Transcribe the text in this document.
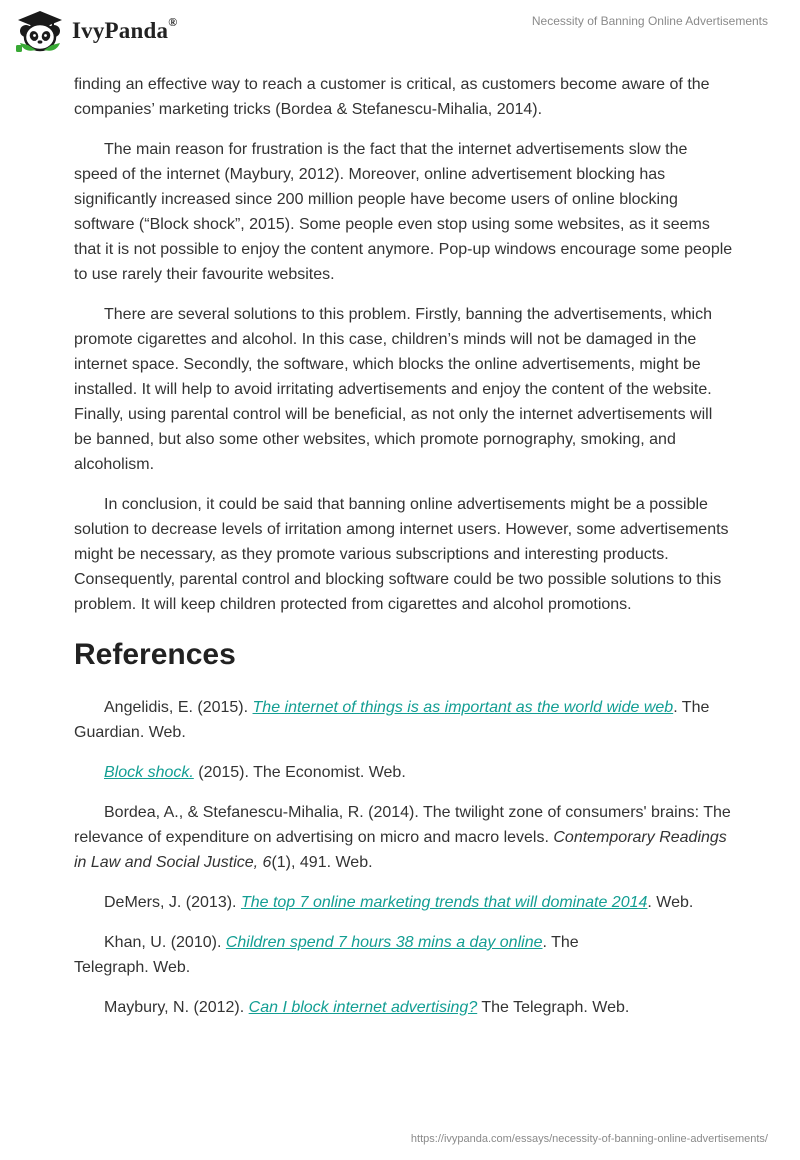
IvyPanda®	Necessity of Banning Online Advertisements

finding an effective way to reach a customer is critical, as customers become aware of the companies’ marketing tricks (Bordea & Stefanescu-Mihalia, 2014).

The main reason for frustration is the fact that the internet advertisements slow the speed of the internet (Maybury, 2012). Moreover, online advertisement blocking has significantly increased since 200 million people have become users of online blocking software (“Block shock”, 2015). Some people even stop using some websites, as it seems that it is not possible to enjoy the content anymore. Pop-up windows encourage some people to use rarely their favourite websites.

There are several solutions to this problem. Firstly, banning the advertisements, which promote cigarettes and alcohol. In this case, children’s minds will not be damaged in the internet space. Secondly, the software, which blocks the online advertisements, might be installed. It will help to avoid irritating advertisements and enjoy the content of the website. Finally, using parental control will be beneficial, as not only the internet advertisements will be banned, but also some other websites, which promote pornography, smoking, and alcoholism.

In conclusion, it could be said that banning online advertisements might be a possible solution to decrease levels of irritation among internet users. However, some advertisements might be necessary, as they promote various subscriptions and interesting products. Consequently, parental control and blocking software could be two possible solutions to this problem. It will keep children protected from cigarettes and alcohol promotions.

References

Angelidis, E. (2015). The internet of things is as important as the world wide web. The Guardian. Web.

Block shock. (2015). The Economist. Web.

Bordea, A., & Stefanescu-Mihalia, R. (2014). The twilight zone of consumers' brains: The relevance of expenditure on advertising on micro and macro levels. Contemporary Readings in Law and Social Justice, 6(1), 491. Web.

DeMers, J. (2013). The top 7 online marketing trends that will dominate 2014. Web.

Khan, U. (2010). Children spend 7 hours 38 mins a day online. The Telegraph. Web.

Maybury, N. (2012). Can I block internet advertising? The Telegraph. Web.

https://ivypanda.com/essays/necessity-of-banning-online-advertisements/
